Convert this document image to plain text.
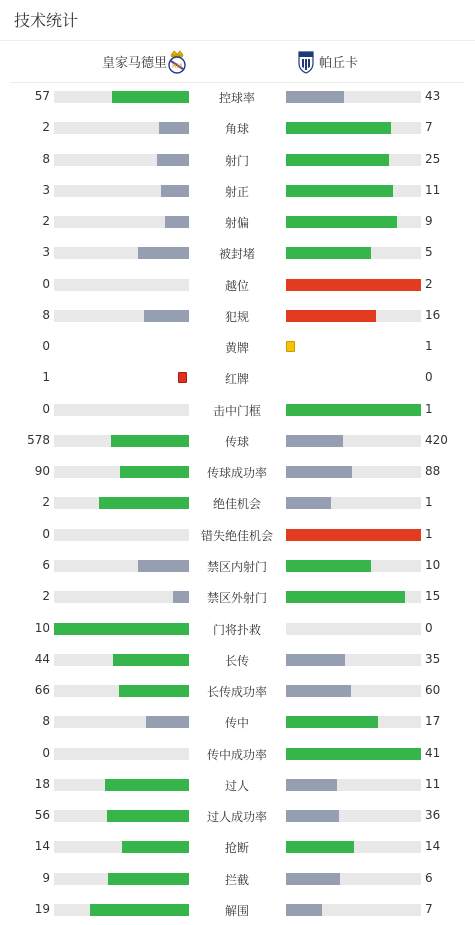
技术统计
皇家马德里 RM	帕丘卡
57	控球率	43
2	角球	7
8	射门	25
3	射正	11
2	射偏	9
3	被封堵	5
0	越位	2
8	犯规	16
0	黄牌	1
1	红牌	0
0	击中门框	1
578	传球	420
90	传球成功率	88
2	绝佳机会	1
0	错失绝佳机会	1
6	禁区内射门	10
2	禁区外射门	15
10	门将扑救	0
44	长传	35
66	长传成功率	60
8	传中	17
0	传中成功率	41
18	过人	11
56	过人成功率	36
14	抢断	14
9	拦截	6
19	解围	7
